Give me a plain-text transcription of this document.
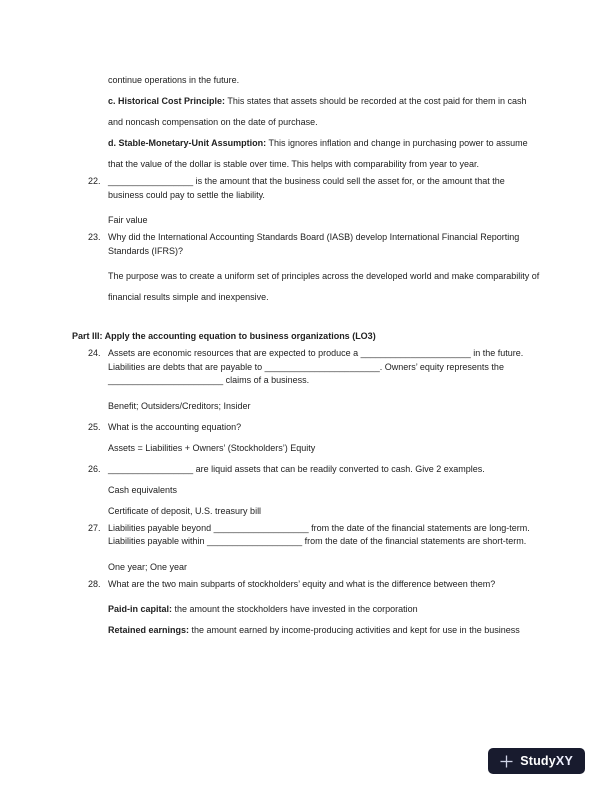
continue operations in the future.

c. Historical Cost Principle: This states that assets should be recorded at the cost paid for them in cash and noncash compensation on the date of purchase.

d. Stable-Monetary-Unit Assumption: This ignores inflation and change in purchasing power to assume that the value of the dollar is stable over time. This helps with comparability from year to year.

22. _________________ is the amount that the business could sell the asset for, or the amount that the business could pay to settle the liability.

Fair value

23. Why did the International Accounting Standards Board (IASB) develop International Financial Reporting Standards (IFRS)?

The purpose was to create a uniform set of principles across the developed world and make comparability of financial results simple and inexpensive.

Part III: Apply the accounting equation to business organizations (LO3)
24. Assets are economic resources that are expected to produce a ______________________ in the future. Liabilities are debts that are payable to _______________________. Owners’ equity represents the _______________________ claims of a business.

Benefit; Outsiders/Creditors; Insider

25. What is the accounting equation?

Assets = Liabilities + Owners’ (Stockholders’) Equity

26. _________________ are liquid assets that can be readily converted to cash. Give 2 examples.

Cash equivalents

Certificate of deposit, U.S. treasury bill

27. Liabilities payable beyond ___________________ from the date of the financial statements are long-term. Liabilities payable within ___________________ from the date of the financial statements are short-term.

One year; One year

28. What are the two main subparts of stockholders’ equity and what is the difference between them?

Paid-in capital: the amount the stockholders have invested in the corporation

Retained earnings: the amount earned by income-producing activities and kept for use in the business

StudyXY
